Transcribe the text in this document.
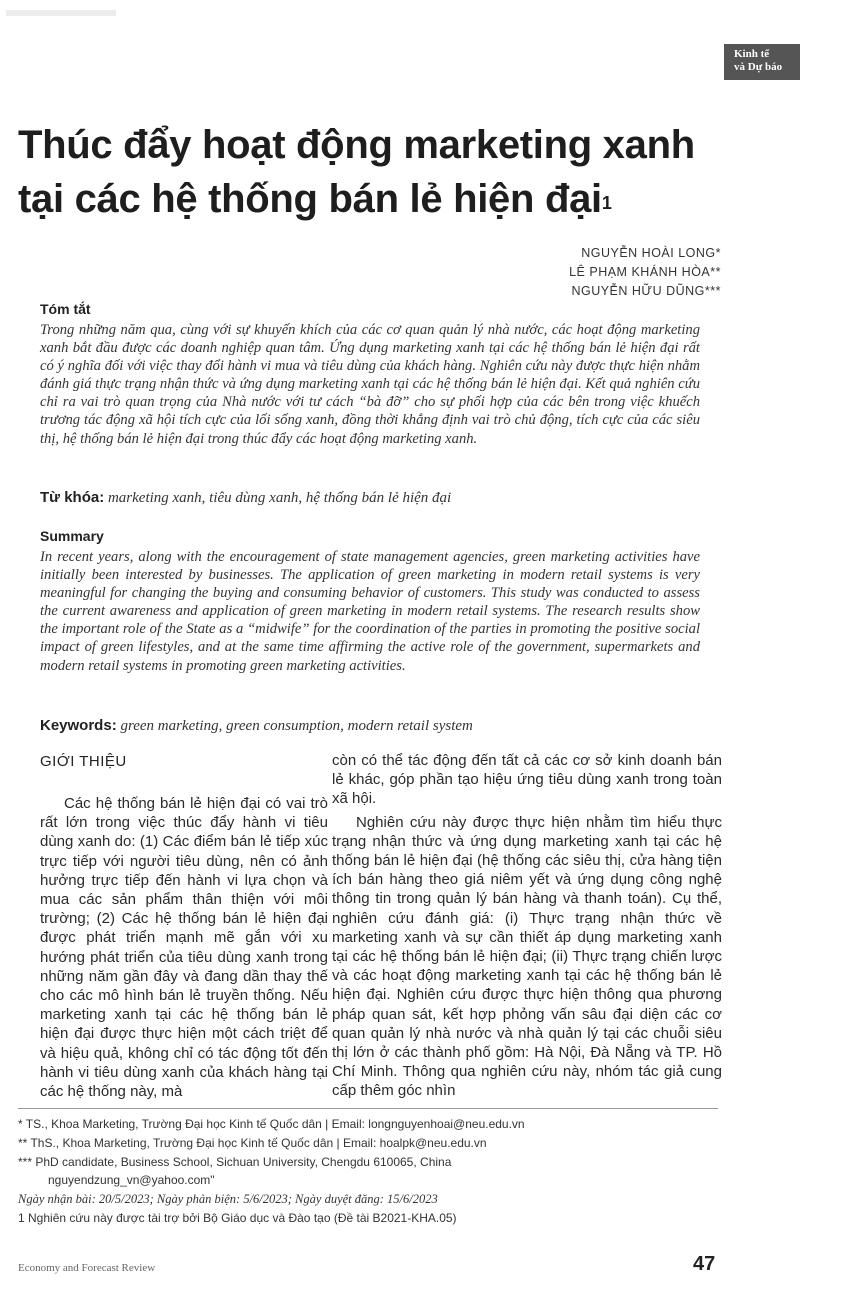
Kinh tế
và Dự báo
Thúc đẩy hoạt động marketing xanh
tại các hệ thống bán lẻ hiện đại$^1$
NGUYỄN HOÀI LONG*
LÊ PHẠM KHÁNH HÒA**
NGUYỄN HỮU DŨNG***
Tóm tắt
Trong những năm qua, cùng với sự khuyến khích của các cơ quan quản lý nhà nước, các hoạt động marketing xanh bắt đầu được các doanh nghiệp quan tâm. Ứng dụng marketing xanh tại các hệ thống bán lẻ hiện đại rất có ý nghĩa đối với việc thay đổi hành vi mua và tiêu dùng của khách hàng. Nghiên cứu này được thực hiện nhằm đánh giá thực trạng nhận thức và ứng dụng marketing xanh tại các hệ thống bán lẻ hiện đại. Kết quả nghiên cứu chỉ ra vai trò quan trọng của Nhà nước với tư cách “bà đỡ” cho sự phối hợp của các bên trong việc khuếch trương tác động xã hội tích cực của lối sống xanh, đồng thời khẳng định vai trò chủ động, tích cực của các siêu thị, hệ thống bán lẻ hiện đại trong thúc đẩy các hoạt động marketing xanh.
Từ khóa: marketing xanh, tiêu dùng xanh, hệ thống bán lẻ hiện đại
Summary
In recent years, along with the encouragement of state management agencies, green marketing activities have initially been interested by businesses. The application of green marketing in modern retail systems is very meaningful for changing the buying and consuming behavior of customers. This study was conducted to assess the current awareness and application of green marketing in modern retail systems. The research results show the important role of the State as a “midwife” for the coordination of the parties in promoting the positive social impact of green lifestyles, and at the same time affirming the active role of the government, supermarkets and modern retail systems in promoting green marketing activities.
Keywords: green marketing, green consumption, modern retail system
GIỚI THIỆU

Các hệ thống bán lẻ hiện đại có vai trò rất lớn trong việc thúc đẩy hành vi tiêu dùng xanh do: (1) Các điểm bán lẻ tiếp xúc trực tiếp với người tiêu dùng, nên có ảnh hưởng trực tiếp đến hành vi lựa chọn và mua các sản phẩm thân thiện với môi trường; (2) Các hệ thống bán lẻ hiện đại được phát triển mạnh mẽ gắn với xu hướng phát triển của tiêu dùng xanh trong những năm gần đây và đang dần thay thế cho các mô hình bán lẻ truyền thống. Nếu marketing xanh tại các hệ thống bán lẻ hiện đại được thực hiện một cách triệt để và hiệu quả, không chỉ có tác động tốt đến hành vi tiêu dùng xanh của khách hàng tại các hệ thống này, mà

còn có thể tác động đến tất cả các cơ sở kinh doanh bán lẻ khác, góp phần tạo hiệu ứng tiêu dùng xanh trong toàn xã hội.

Nghiên cứu này được thực hiện nhằm tìm hiểu thực trạng nhận thức và ứng dụng marketing xanh tại các hệ thống bán lẻ hiện đại (hệ thống các siêu thị, cửa hàng tiện ích bán hàng theo giá niêm yết và ứng dụng công nghệ thông tin trong quản lý bán hàng và thanh toán). Cụ thể, nghiên cứu đánh giá: (i) Thực trạng nhận thức về marketing xanh và sự cần thiết áp dụng marketing xanh tại các hệ thống bán lẻ hiện đại; (ii) Thực trạng chiến lược và các hoạt động marketing xanh tại các hệ thống bán lẻ hiện đại. Nghiên cứu được thực hiện thông qua phương pháp quan sát, kết hợp phỏng vấn sâu đại diện các cơ quan quản lý nhà nước và nhà quản lý tại các chuỗi siêu thị lớn ở các thành phố gồm: Hà Nội, Đà Nẵng và TP. Hồ Chí Minh. Thông qua nghiên cứu này, nhóm tác giả cung cấp thêm góc nhìn

* TS., Khoa Marketing, Trường Đại học Kinh tế Quốc dân | Email: longnguyenhoai@neu.edu.vn
** ThS., Khoa Marketing, Trường Đại học Kinh tế Quốc dân | Email: hoalpk@neu.edu.vn
*** PhD candidate, Business School, Sichuan University, Chengdu 610065, China
nguyendzung_vn@yahoo.com"
Ngày nhận bài: 20/5/2023; Ngày phản biện: 5/6/2023; Ngày duyệt đăng: 15/6/2023
1 Nghiên cứu này được tài trợ bởi Bộ Giáo dục và Đào tạo (Đề tài B2021-KHA.05)
Economy and Forecast Review	47
